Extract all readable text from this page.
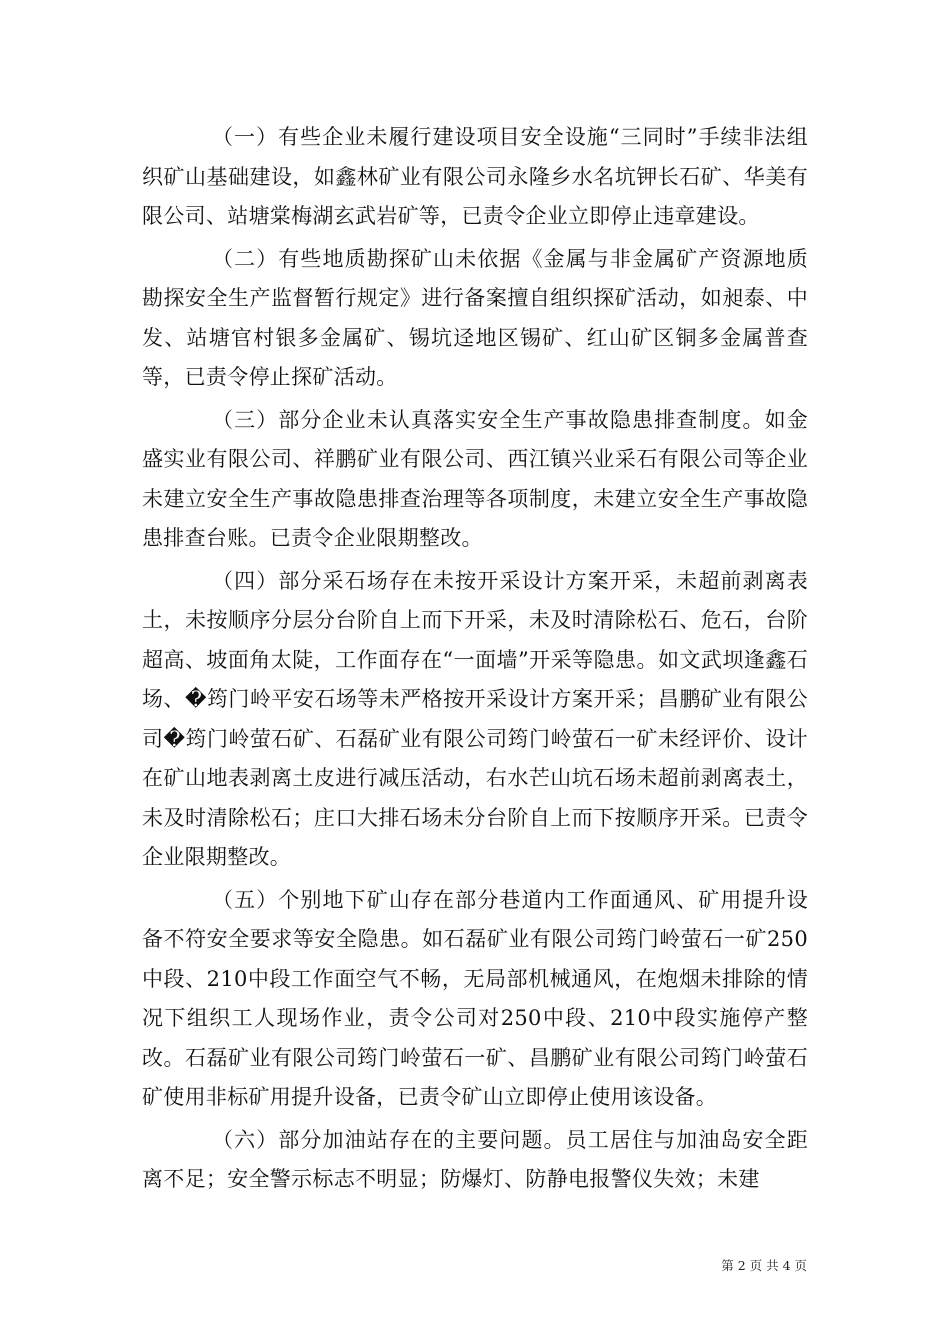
（一）有些企业未履行建设项目安全设施“三同时”手续非法组织矿山基础建设，如鑫林矿业有限公司永隆乡水名坑钾长石矿、华美有限公司、站塘棠梅湖玄武岩矿等，已责令企业立即停止违章建设。

（二）有些地质勘探矿山未依据《金属与非金属矿产资源地质勘探安全生产监督暂行规定》进行备案擅自组织探矿活动，如昶泰、中发、站塘官村银多金属矿、锡坑迳地区锡矿、红山矿区铜多金属普查等，已责令停止探矿活动。

（三）部分企业未认真落实安全生产事故隐患排查制度。如金盛实业有限公司、祥鹏矿业有限公司、西江镇兴业采石有限公司等企业未建立安全生产事故隐患排查治理等各项制度，未建立安全生产事故隐患排查台账。已责令企业限期整改。

（四）部分采石场存在未按开采设计方案开采，未超前剥离表土，未按顺序分层分台阶自上而下开采，未及时清除松石、危石，台阶超高、坡面角太陡，工作面存在“一面墙”开采等隐患。如文武坝逢鑫石场、�筠门岭平安石场等未严格按开采设计方案开采；昌鹏矿业有限公司�筠门岭萤石矿、石磊矿业有限公司筠门岭萤石一矿未经评价、设计在矿山地表剥离土皮进行减压活动，右水芒山坑石场未超前剥离表土，未及时清除松石；庄口大排石场未分台阶自上而下按顺序开采。已责令企业限期整改。

（五）个别地下矿山存在部分巷道内工作面通风、矿用提升设备不符安全要求等安全隐患。如石磊矿业有限公司筠门岭萤石一矿250中段、210中段工作面空气不畅，无局部机械通风，在炮烟未排除的情况下组织工人现场作业，责令公司对250中段、210中段实施停产整改。石磊矿业有限公司筠门岭萤石一矿、昌鹏矿业有限公司筠门岭萤石矿使用非标矿用提升设备，已责令矿山立即停止使用该设备。

（六）部分加油站存在的主要问题。员工居住与加油岛安全距离不足；安全警示标志不明显；防爆灯、防静电报警仪失效；未建

第 2 页 共 4 页
